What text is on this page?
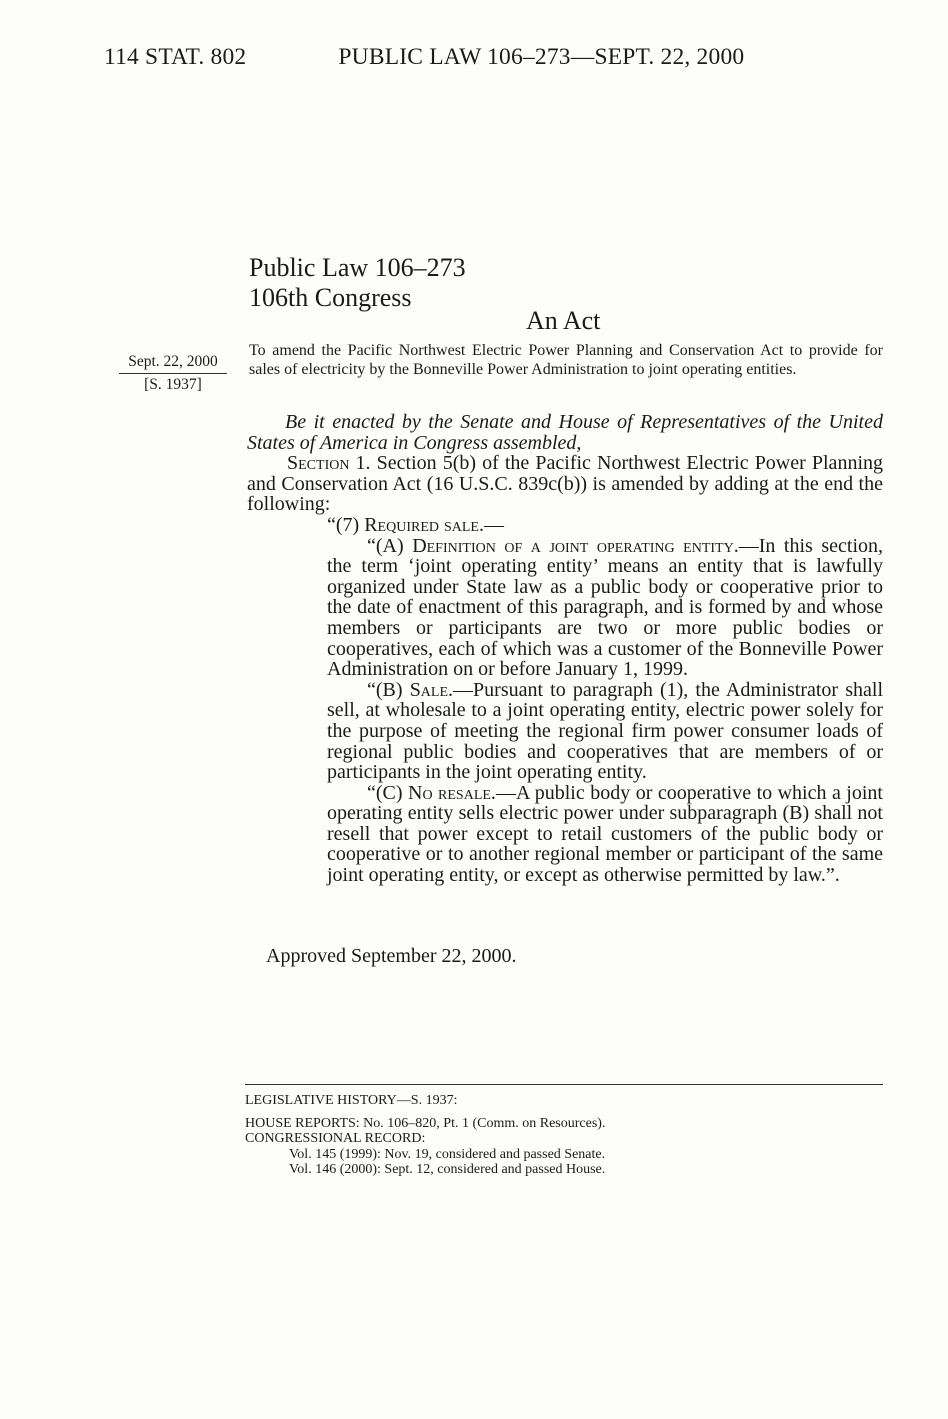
114 STAT. 802	PUBLIC LAW 106–273—SEPT. 22, 2000
Public Law 106–273
106th Congress
An Act
Sept. 22, 2000
[S. 1937]
To amend the Pacific Northwest Electric Power Planning and Conservation Act to provide for sales of electricity by the Bonneville Power Administration to joint operating entities.

Be it enacted by the Senate and House of Representatives of the United States of America in Congress assembled,

Section 1. Section 5(b) of the Pacific Northwest Electric Power Planning and Conservation Act (16 U.S.C. 839c(b)) is amended by adding at the end the following:

“(7) Required sale.—

“(A) Definition of a joint operating entity.—In this section, the term ‘joint operating entity’ means an entity that is lawfully organized under State law as a public body or cooperative prior to the date of enactment of this paragraph, and is formed by and whose members or participants are two or more public bodies or cooperatives, each of which was a customer of the Bonneville Power Administration on or before January 1, 1999.

“(B) Sale.—Pursuant to paragraph (1), the Administrator shall sell, at wholesale to a joint operating entity, electric power solely for the purpose of meeting the regional firm power consumer loads of regional public bodies and cooperatives that are members of or participants in the joint operating entity.

“(C) No resale.—A public body or cooperative to which a joint operating entity sells electric power under subparagraph (B) shall not resell that power except to retail customers of the public body or cooperative or to another regional member or participant of the same joint operating entity, or except as otherwise permitted by law.”.

Approved September 22, 2000.
LEGISLATIVE HISTORY—S. 1937:
HOUSE REPORTS: No. 106–820, Pt. 1 (Comm. on Resources).
CONGRESSIONAL RECORD:
Vol. 145 (1999): Nov. 19, considered and passed Senate.
Vol. 146 (2000): Sept. 12, considered and passed House.
